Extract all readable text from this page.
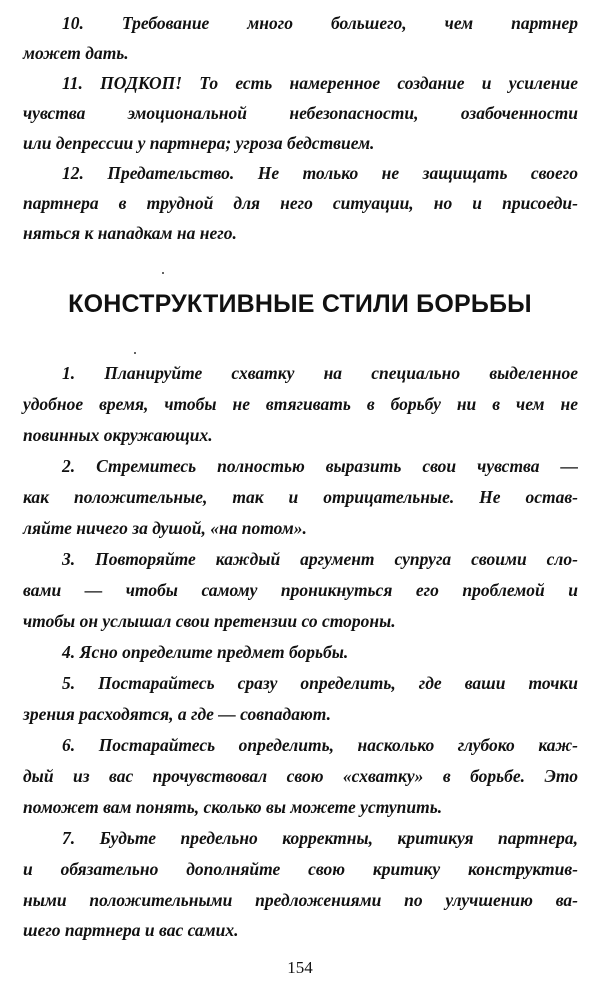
10. Требование много большего, чем партнер
может дать.
11. ПОДКОП! То есть намеренное создание и усиление
чувства эмоциональной небезопасности, озабоченности
или депрессии у партнера; угроза бедствием.
12. Предательство. Не только не защищать своего
партнера в трудной для него ситуации, но и присоеди-
няться к нападкам на него.
КОНСТРУКТИВНЫЕ СТИЛИ БОРЬБЫ
1. Планируйте схватку на специально выделенное
удобное время, чтобы не втягивать в борьбу ни в чем не
повинных окружающих.
2. Стремитесь полностью выразить свои чувства —
как положительные, так и отрицательные. Не остав-
ляйте ничего за душой, «на потом».
3. Повторяйте каждый аргумент супруга своими сло-
вами — чтобы самому проникнуться его проблемой и
чтобы он услышал свои претензии со стороны.
4. Ясно определите предмет борьбы.
5. Постарайтесь сразу определить, где ваши точки
зрения расходятся, а где — совпадают.
6. Постарайтесь определить, насколько глубоко каж-
дый из вас прочувствовал свою «схватку» в борьбе. Это
поможет вам понять, сколько вы можете уступить.
7. Будьте предельно корректны, критикуя партнера,
и обязательно дополняйте свою критику конструктив-
ными положительными предложениями по улучшению ва-
шего партнера и вас самих.
154
